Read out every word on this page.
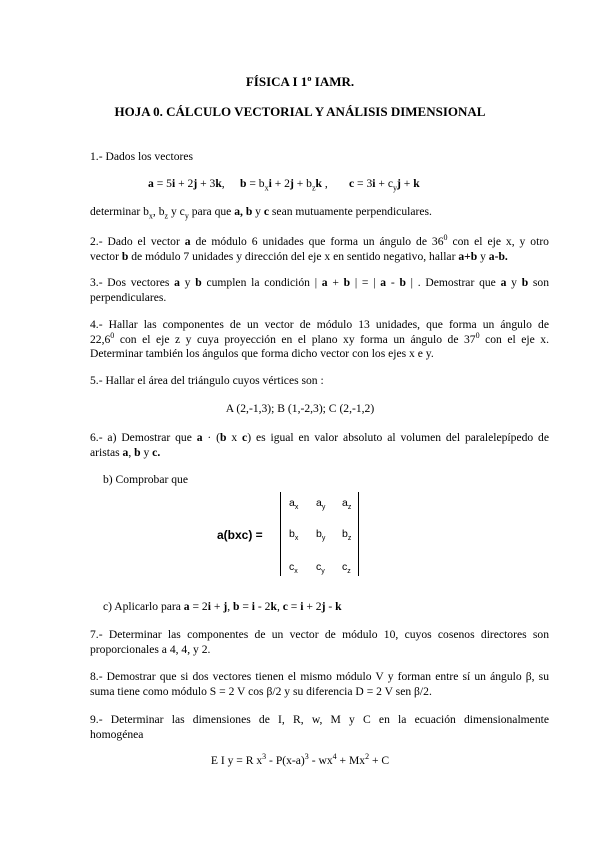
FÍSICA I 1º IAMR.
HOJA 0. CÁLCULO VECTORIAL Y ANÁLISIS DIMENSIONAL
1.- Dados los vectores
a = 5i + 2j + 3k, $b = b_xi + 2j + b_zk$ , $c = 3i + c_yj + k$
determinar $b_x$, $b_z$ y $c_y$ para que a, b y c sean mutuamente perpendiculares.
2.- Dado el vector a de módulo 6 unidades que forma un ángulo de $36^0$ con el eje x, y otro
vector b de módulo 7 unidades y dirección del eje x en sentido negativo, hallar a+b y a-b.
3.- Dos vectores a y b cumplen la condición | a + b | = | a - b | . Demostrar que a y b son
perpendiculares.
4.- Hallar las componentes de un vector de módulo 13 unidades, que forma un ángulo de
22,6$^0$ con el eje z y cuya proyección en el plano xy forma un ángulo de $37^0$ con el eje x.
Determinar también los ángulos que forma dicho vector con los ejes x e y.
5.- Hallar el área del triángulo cuyos vértices son :
A (2,-1,3); B (1,-2,3); C (2,-1,2)
6.- a) Demostrar que a · (b x c) es igual en valor absoluto al volumen del paralelepípedo de
aristas a, b y c.
b) Comprobar que
a(bxc) =
$a_x$ $a_y$ $a_z$
$b_x$ $b_y$ $b_z$
$c_x$ $c_y$ $c_z$
c) Aplicarlo para a = 2i + j, b = i - 2k, c = i + 2j - k
7.- Determinar las componentes de un vector de módulo 10, cuyos cosenos directores son
proporcionales a 4, 4, y 2.
8.- Demostrar que si dos vectores tienen el mismo módulo V y forman entre sí un ángulo β, su
suma tiene como módulo S = 2 V cos β/2 y su diferencia D = 2 V sen β/2.
9.- Determinar las dimensiones de I, R, w, M y C en la ecuación dimensionalmente
homogénea
E I y = R $x^3 - P(x-a)^3 - wx^4 + Mx^2 + C$
